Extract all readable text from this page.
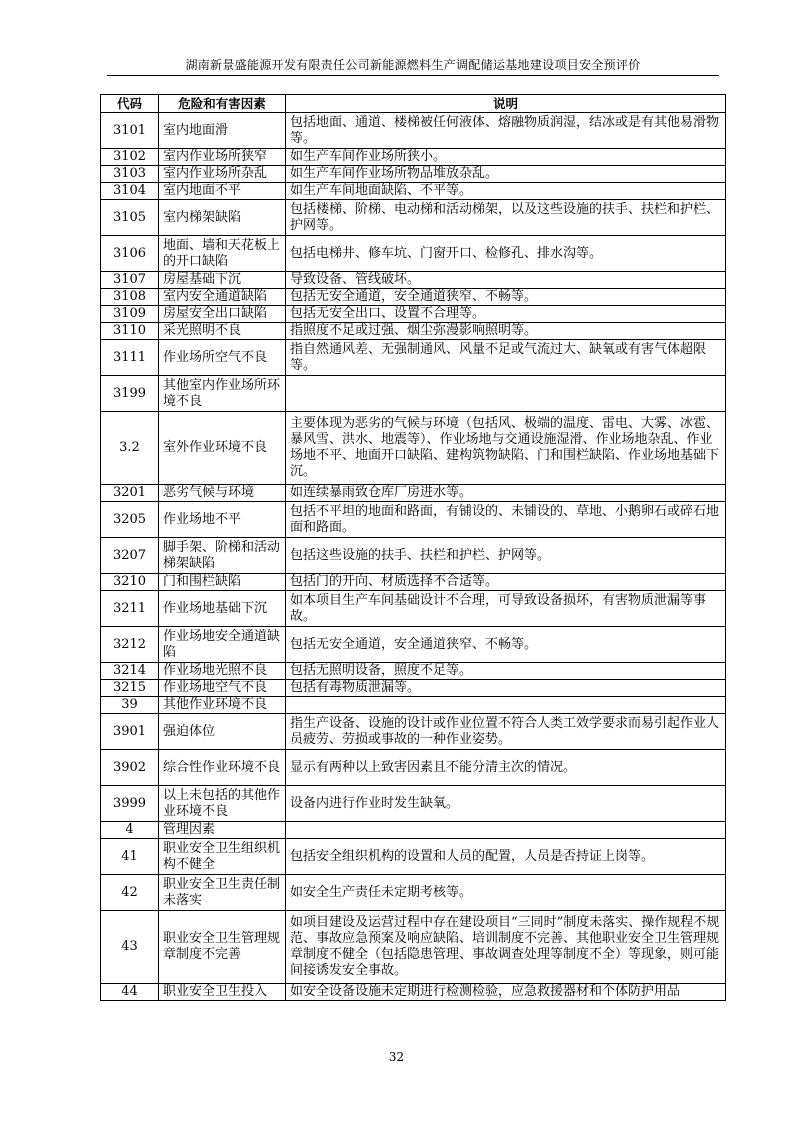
湖南新景盛能源开发有限责任公司新能源燃料生产调配储运基地建设项目安全预评价
代码	危险和有害因素	说明
3101	室内地面滑	包括地面、通道、楼梯被任何液体、熔融物质润湿，结冰或是有其他易滑物等。
3102	室内作业场所狭窄	如生产车间作业场所狭小。
3103	室内作业场所杂乱	如生产车间作业场所物品堆放杂乱。
3104	室内地面不平	如生产车间地面缺陷、不平等。
3105	室内梯架缺陷	包括楼梯、阶梯、电动梯和活动梯架，以及这些设施的扶手、扶栏和护栏、护网等。
3106	地面、墙和天花板上的开口缺陷	包括电梯井、修车坑、门窗开口、检修孔、排水沟等。
3107	房屋基础下沉	导致设备、管线破坏。
3108	室内安全通道缺陷	包括无安全通道，安全通道狭窄、不畅等。
3109	房屋安全出口缺陷	包括无安全出口、设置不合理等。
3110	采光照明不良	指照度不足或过强、烟尘弥漫影响照明等。
3111	作业场所空气不良	指自然通风差、无强制通风、风量不足或气流过大、缺氧或有害气体超限等。
3199	其他室内作业场所环境不良	
3.2	室外作业环境不良	主要体现为恶劣的气候与环境（包括风、极端的温度、雷电、大雾、冰雹、暴风雪、洪水、地震等）、作业场地与交通设施湿滑、作业场地杂乱、作业场地不平、地面开口缺陷、建构筑物缺陷、门和围栏缺陷、作业场地基础下沉。
3201	恶劣气候与环境	如连续暴雨致仓库厂房进水等。
3205	作业场地不平	包括不平坦的地面和路面，有铺设的、未铺设的、草地、小鹅卵石或碎石地面和路面。
3207	脚手架、阶梯和活动梯架缺陷	包括这些设施的扶手、扶栏和护栏、护网等。
3210	门和围栏缺陷	包括门的开向、材质选择不合适等。
3211	作业场地基础下沉	如本项目生产车间基础设计不合理，可导致设备损坏，有害物质泄漏等事故。
3212	作业场地安全通道缺陷	包括无安全通道，安全通道狭窄、不畅等。
3214	作业场地光照不良	包括无照明设备，照度不足等。
3215	作业场地空气不良	包括有毒物质泄漏等。
39	其他作业环境不良	
3901	强迫体位	指生产设备、设施的设计或作业位置不符合人类工效学要求而易引起作业人员疲劳、劳损或事故的一种作业姿势。
3902	综合性作业环境不良	显示有两种以上致害因素且不能分清主次的情况。
3999	以上未包括的其他作业环境不良	设备内进行作业时发生缺氧。
4	管理因素	
41	职业安全卫生组织机构不健全	包括安全组织机构的设置和人员的配置，人员是否持证上岗等。
42	职业安全卫生责任制未落实	如安全生产责任未定期考核等。
43	职业安全卫生管理规章制度不完善	如项目建设及运营过程中存在建设项目“三同时”制度未落实、操作规程不规范、事故应急预案及响应缺陷、培训制度不完善、其他职业安全卫生管理规章制度不健全（包括隐患管理、事故调查处理等制度不全）等现象，则可能间接诱发安全事故。
44	职业安全卫生投入	如安全设备设施未定期进行检测检验，应急救援器材和个体防护用品
32
